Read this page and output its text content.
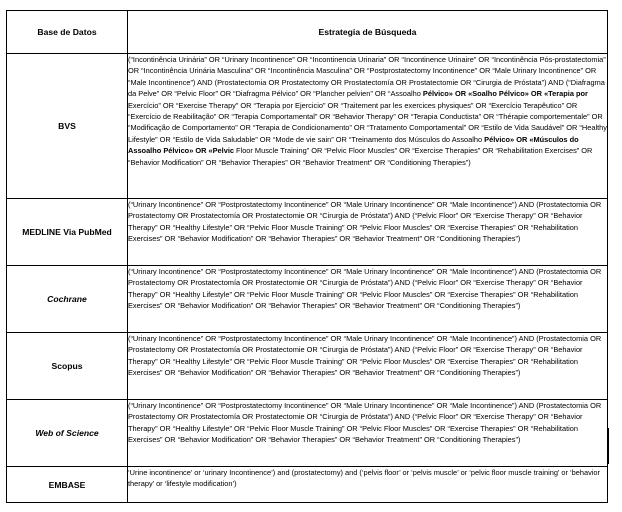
Base de Datos	Estrategia de Búsqueda
BVS	(“Incontinência Urinária” OR “Urinary Incontinence” OR “Incontinencia Urinaria” OR “Incontinence Urinaire” OR “Incontinência Pós-prostatectomia” OR “Incontinência Urinária Masculina” OR “Incontinência Masculina” OR “Postprostatectomy Incontinence” OR “Male Urinary Incontinence” OR “Male Incontinence”) AND (Prostatectomia OR Prostatectomy OR Prostatectomía OR Prostatectomie OR “Cirurgia de Próstata”) AND (“Diafragma da Pelve” OR “Pelvic Floor” OR “Diafragma Pélvico” OR “Plancher pelvien” OR “Assoalho Pélvico» OR «Soalho Pélvico» OR «Terapia por Exercício” OR “Exercise Therapy” OR “Terapia por Ejercicio” OR “Traitement par les exercices physiques” OR “Exercício Terapêutico” OR “Exercício de Reabilitação” OR “Terapia Comportamental” OR “Behavior Therapy” OR “Terapia Conductista” OR “Thérapie comportementale” OR “Modificação de Comportamento” OR “Terapia de Condicionamento” OR “Tratamento Comportamental” OR “Estilo de Vida Saudável” OR “Healthy Lifestyle” OR “Estilo de Vida Saludable” OR “Mode de vie sain” OR “Treinamento dos Músculos do Assoalho Pélvico» OR «Músculos do Assoalho Pélvico» OR «Pelvic Floor Muscle Training” OR “Pelvic Floor Muscles” OR “Exercise Therapies” OR “Rehabilitation Exercises” OR “Behavior Modification” OR “Behavior Therapies” OR “Behavior Treatment” OR “Conditioning Therapies”)
MEDLINE Via PubMed	(“Urinary Incontinence” OR “Postprostatectomy Incontinence” OR “Male Urinary Incontinence” OR “Male Incontinence”) AND (Prostatectomia OR Prostatectomy OR Prostatectomía OR Prostatectomie OR “Cirurgia de Próstata”) AND (“Pelvic Floor” OR “Exercise Therapy” OR “Behavior Therapy” OR “Healthy Lifestyle” OR “Pelvic Floor Muscle Training” OR “Pelvic Floor Muscles” OR “Exercise Therapies” OR “Rehabilitation Exercises” OR “Behavior Modification” OR “Behavior Therapies” OR “Behavior Treatment” OR “Conditioning Therapies”)
Cochrane	(“Urinary Incontinence” OR “Postprostatectomy Incontinence” OR “Male Urinary Incontinence” OR “Male Incontinence”) AND (Prostatectomia OR Prostatectomy OR Prostatectomía OR Prostatectomie OR “Cirurgia de Próstata”) AND (“Pelvic Floor” OR “Exercise Therapy” OR “Behavior Therapy” OR “Healthy Lifestyle” OR “Pelvic Floor Muscle Training” OR “Pelvic Floor Muscles” OR “Exercise Therapies” OR “Rehabilitation Exercises” OR “Behavior Modification” OR “Behavior Therapies” OR “Behavior Treatment” OR “Conditioning Therapies”)
Scopus	(“Urinary Incontinence” OR “Postprostatectomy Incontinence” OR “Male Urinary Incontinence” OR “Male Incontinence”) AND (Prostatectomia OR Prostatectomy OR Prostatectomía OR Prostatectomie OR “Cirurgia de Próstata”) AND (“Pelvic Floor” OR “Exercise Therapy” OR “Behavior Therapy” OR “Healthy Lifestyle” OR “Pelvic Floor Muscle Training” OR “Pelvic Floor Muscles” OR “Exercise Therapies” OR “Rehabilitation Exercises” OR “Behavior Modification” OR “Behavior Therapies” OR “Behavior Treatment” OR “Conditioning Therapies”)
Web of Science	(“Urinary Incontinence” OR “Postprostatectomy Incontinence” OR “Male Urinary Incontinence” OR “Male Incontinence”) AND (Prostatectomia OR Prostatectomy OR Prostatectomía OR Prostatectomie OR “Cirurgia de Próstata”) AND (“Pelvic Floor” OR “Exercise Therapy” OR “Behavior Therapy” OR “Healthy Lifestyle” OR “Pelvic Floor Muscle Training” OR “Pelvic Floor Muscles” OR “Exercise Therapies” OR “Rehabilitation Exercises” OR “Behavior Modification” OR “Behavior Therapies” OR “Behavior Treatment” OR “Conditioning Therapies”)
EMBASE	‘Urine incontinence’ or ‘urinary Incontinence’) and (prostatectomy) and (‘pelvis floor’ or ‘pelvis muscle’ or ‘pelvic floor muscle training’ or ‘behavior therapy’ or ‘lifestyle modification’)
